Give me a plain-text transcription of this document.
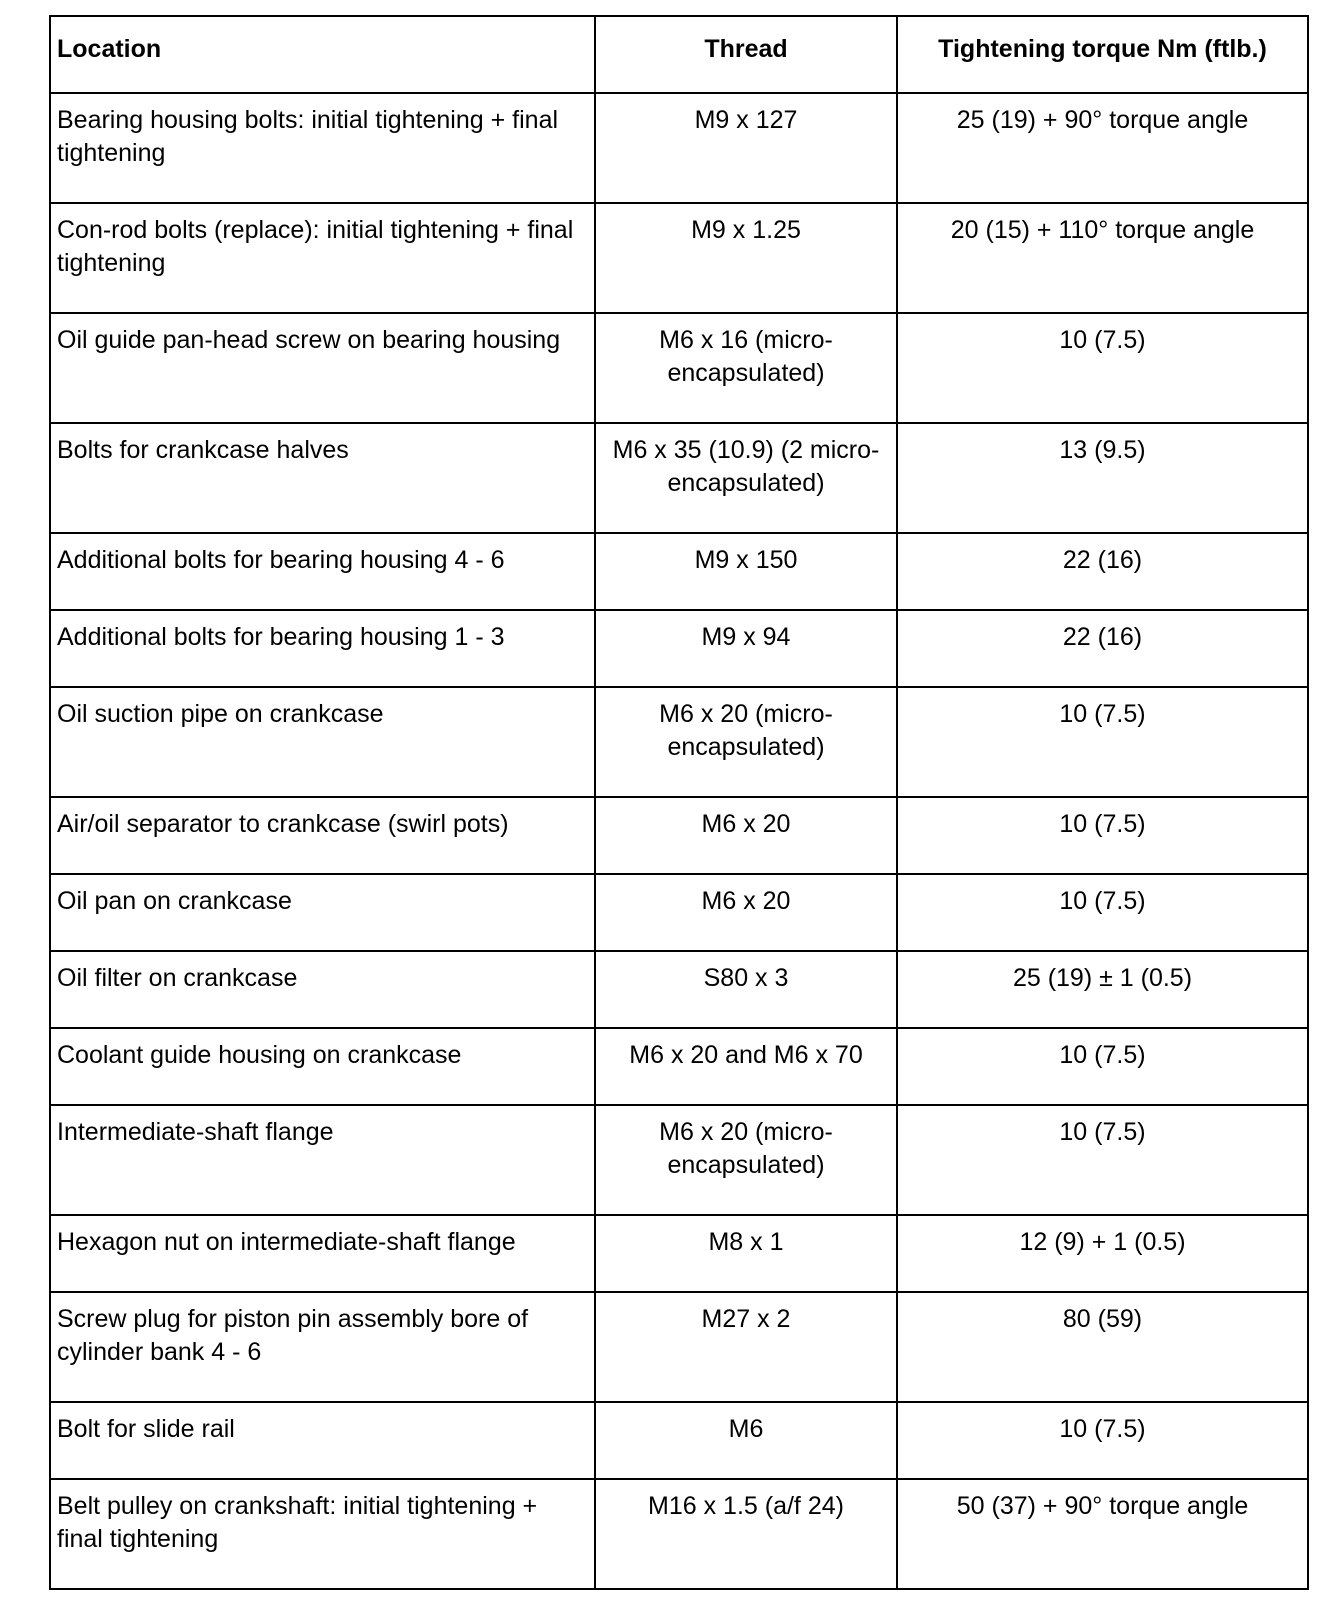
Location	Thread	Tightening torque Nm (ftlb.)
Bearing housing bolts: initial tightening + final tightening	M9 x 127	25 (19) + 90° torque angle
Con-rod bolts (replace): initial tightening + final tightening	M9 x 1.25	20 (15) + 110° torque angle
Oil guide pan-head screw on bearing housing	M6 x 16 (micro-encapsulated)	10 (7.5)
Bolts for crankcase halves	M6 x 35 (10.9) (2 micro-encapsulated)	13 (9.5)
Additional bolts for bearing housing 4 - 6	M9 x 150	22 (16)
Additional bolts for bearing housing 1 - 3	M9 x 94	22 (16)
Oil suction pipe on crankcase	M6 x 20 (micro-encapsulated)	10 (7.5)
Air/oil separator to crankcase (swirl pots)	M6 x 20	10 (7.5)
Oil pan on crankcase	M6 x 20	10 (7.5)
Oil filter on crankcase	S80 x 3	25 (19) ± 1 (0.5)
Coolant guide housing on crankcase	M6 x 20 and M6 x 70	10 (7.5)
Intermediate-shaft flange	M6 x 20 (micro-encapsulated)	10 (7.5)
Hexagon nut on intermediate-shaft flange	M8 x 1	12 (9) + 1 (0.5)
Screw plug for piston pin assembly bore of cylinder bank 4 - 6	M27 x 2	80 (59)
Bolt for slide rail	M6	10 (7.5)
Belt pulley on crankshaft: initial tightening + final tightening	M16 x 1.5 (a/f 24)	50 (37) + 90° torque angle
